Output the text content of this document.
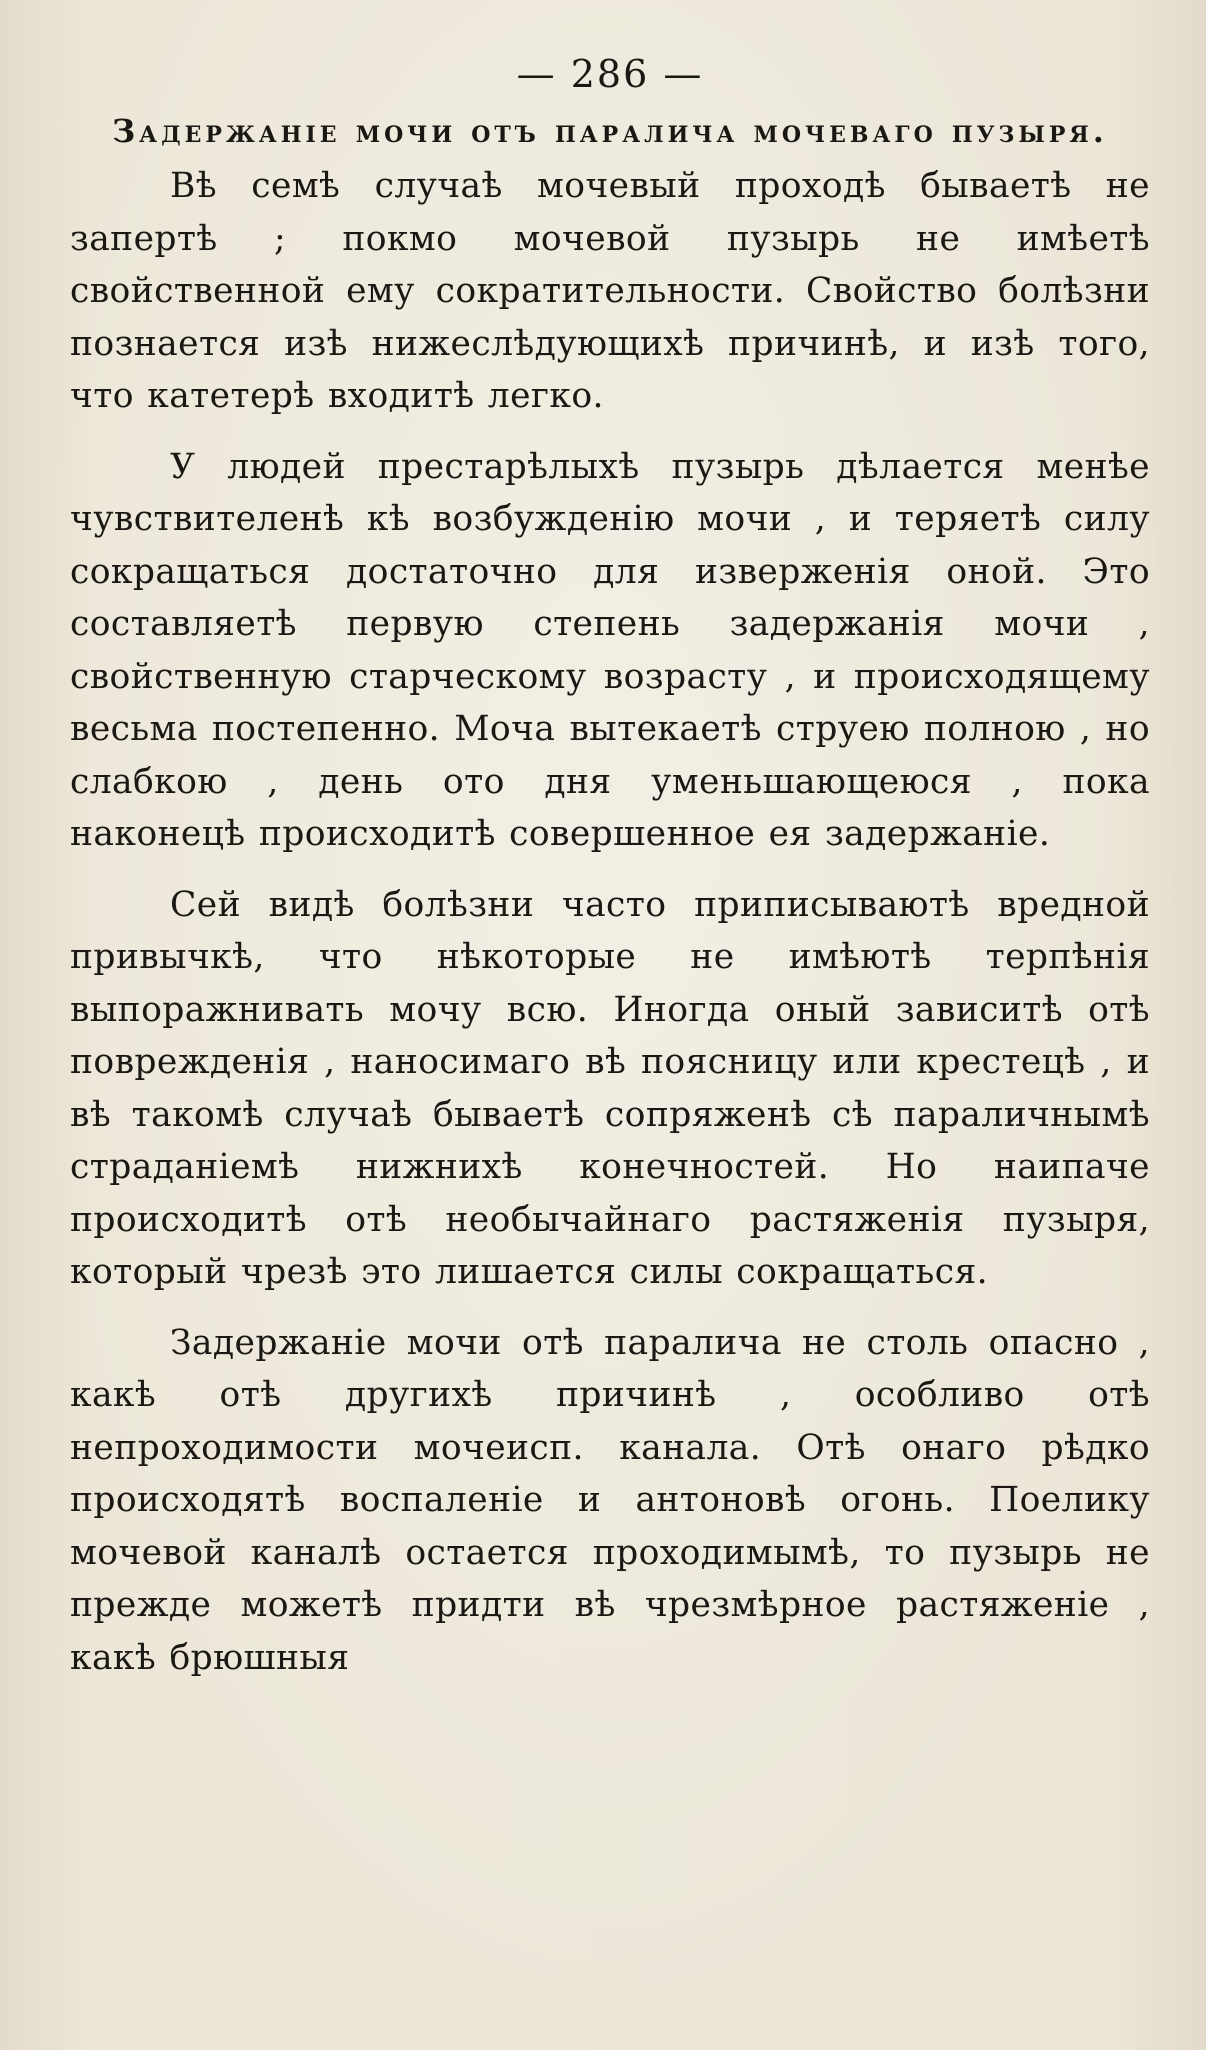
— 286 —
Задержаніе мочи отъ паралича мочеваго пузыря.

Вѣ семѣ случаѣ мочевый проходѣ бываетѣ не запертѣ ; покмо мочевой пузырь не имѣетѣ свойственной ему сократительности. Свойство болѣзни познается изѣ нижеслѣдующихѣ причинѣ, и изѣ того, что катетерѣ входитѣ легко.

У людей престарѣлыхѣ пузырь дѣлается менѣе чувствителенѣ кѣ возбужденію мочи , и теряетѣ силу сокращаться достаточно для изверженія оной. Это составляетѣ первую степень задержанія мочи , свойственную старческому возрасту , и происходящему весьма постепенно. Моча вытекаетѣ струею полною , но слабкою , день ото дня уменьшающеюся , пока наконецѣ происходитѣ совершенное ея задержаніе.

Сей видѣ болѣзни часто приписываютѣ вредной привычкѣ, что нѣкоторые не имѣютѣ терпѣнія выпоражнивать мочу всю. Иногда оный зависитѣ отѣ поврежденія , наносимаго вѣ поясницу или крестецѣ , и вѣ такомѣ случаѣ бываетѣ сопряженѣ сѣ параличнымѣ страданіемѣ нижнихѣ конечностей. Но наипаче происходитѣ отѣ необычайнаго растяженія пузыря, который чрезѣ это лишается силы сокращаться.

Задержаніе мочи отѣ паралича не столь опасно , какѣ отѣ другихѣ причинѣ , особливо отѣ непроходимости мочеисп. канала. Отѣ онаго рѣдко происходятѣ воспаленіе и антоновѣ огонь. Поелику мочевой каналѣ остается проходимымѣ, то пузырь не прежде можетѣ придти вѣ чрезмѣрное растяженіе , какѣ брюшныя
